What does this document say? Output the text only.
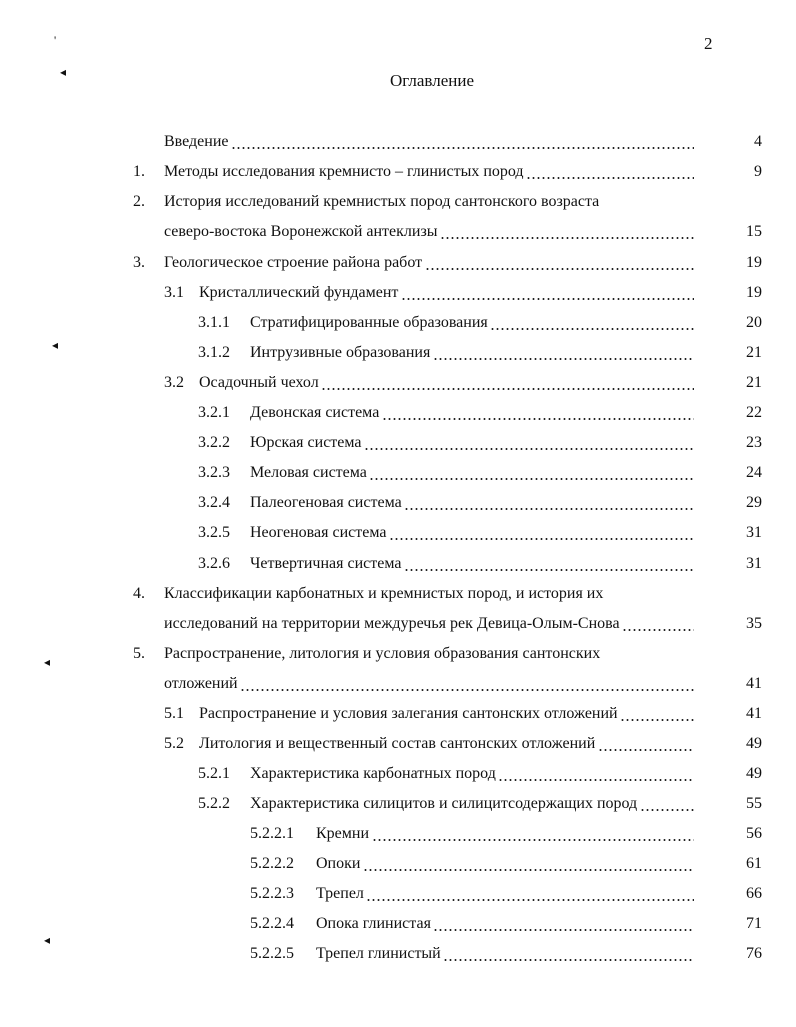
2
Оглавление
'
◂
◂
◂
◂
Введение	4
1. Методы исследования кремнисто – глинистых пород	9
2. История исследований кремнистых пород сантонского возраста
северо-востока Воронежской антеклизы	15
3. Геологическое строение района работ	19
3.1 Кристаллический фундамент	19
3.1.1 Стратифицированные образования	20
3.1.2 Интрузивные образования	21
3.2 Осадочный чехол	21
3.2.1 Девонская система	22
3.2.2 Юрская система	23
3.2.3 Меловая система	24
3.2.4 Палеогеновая система	29
3.2.5 Неогеновая система	31
3.2.6 Четвертичная система	31
4. Классификации карбонатных и кремнистых пород, и история их
исследований на территории междуречья рек Девица-Олым-Снова	35
5. Распространение, литология и условия образования сантонских
отложений	41
5.1 Распространение и условия залегания сантонских отложений	41
5.2 Литология и вещественный состав сантонских отложений	49
5.2.1 Характеристика карбонатных пород	49
5.2.2 Характеристика силицитов и силицитсодержащих пород	55
5.2.2.1 Кремни	56
5.2.2.2 Опоки	61
5.2.2.3 Трепел	66
5.2.2.4 Опока глинистая	71
5.2.2.5 Трепел глинистый	76
